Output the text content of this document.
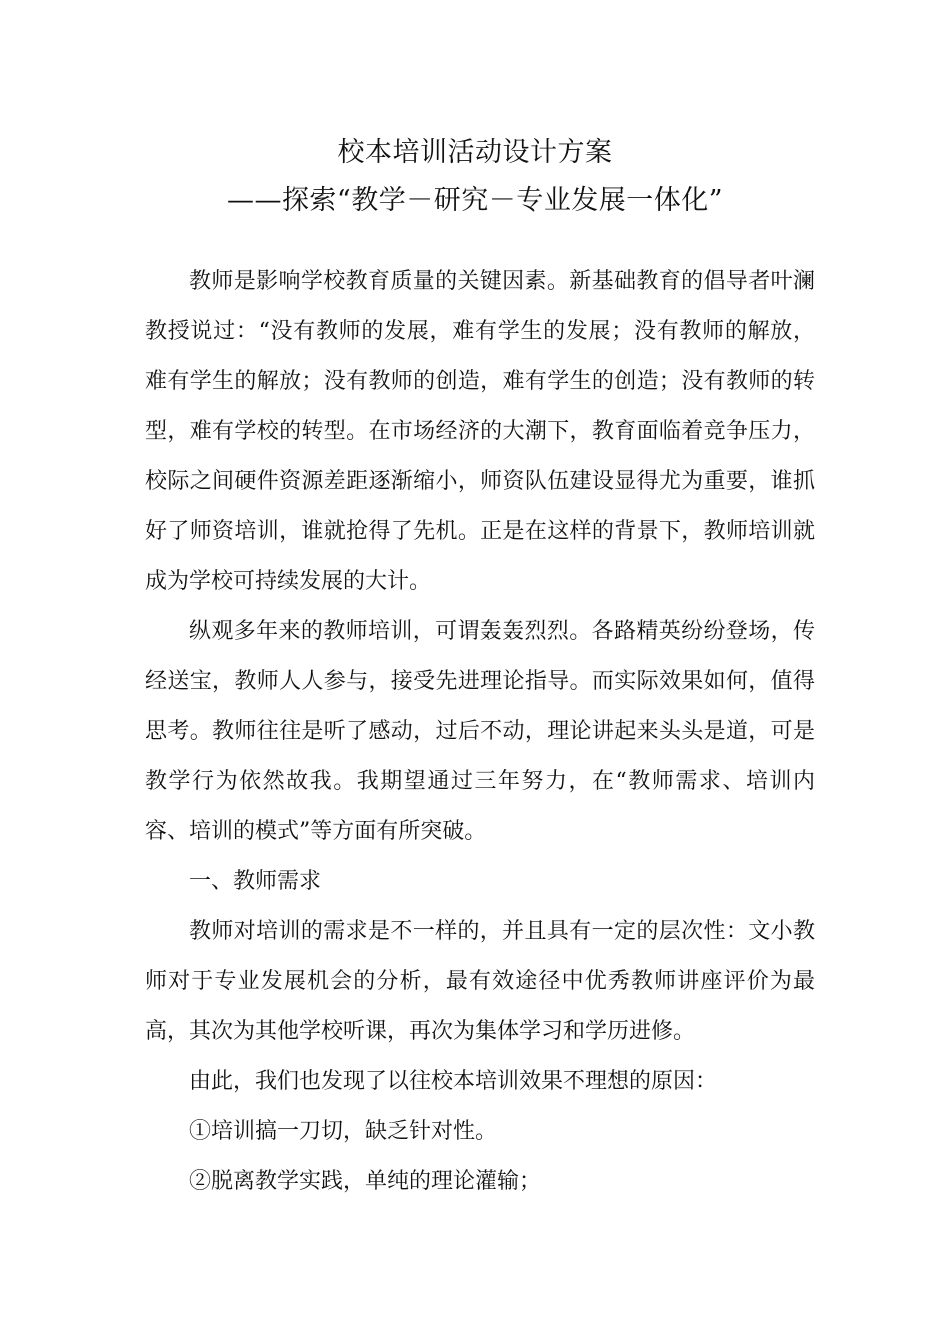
校本培训活动设计方案
——探索“教学－研究－专业发展一体化”

教师是影响学校教育质量的关键因素。新基础教育的倡导者叶澜教授说过：“没有教师的发展，难有学生的发展；没有教师的解放，难有学生的解放；没有教师的创造，难有学生的创造；没有教师的转型，难有学校的转型。在市场经济的大潮下，教育面临着竞争压力，校际之间硬件资源差距逐渐缩小，师资队伍建设显得尤为重要，谁抓好了师资培训，谁就抢得了先机。正是在这样的背景下，教师培训就成为学校可持续发展的大计。

纵观多年来的教师培训，可谓轰轰烈烈。各路精英纷纷登场，传经送宝，教师人人参与，接受先进理论指导。而实际效果如何，值得思考。教师往往是听了感动，过后不动，理论讲起来头头是道，可是教学行为依然故我。我期望通过三年努力，在“教师需求、培训内容、培训的模式”等方面有所突破。

一、教师需求

教师对培训的需求是不一样的，并且具有一定的层次性：文小教师对于专业发展机会的分析，最有效途径中优秀教师讲座评价为最高，其次为其他学校听课，再次为集体学习和学历进修。

由此，我们也发现了以往校本培训效果不理想的原因：

①培训搞一刀切，缺乏针对性。

②脱离教学实践，单纯的理论灌输；
